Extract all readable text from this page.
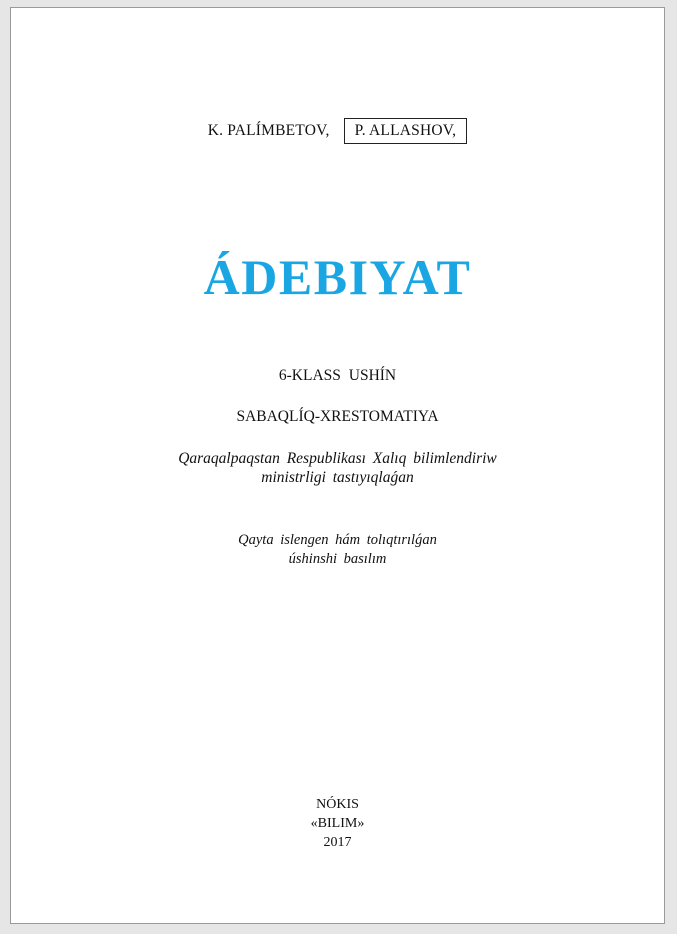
K. PALÍMBETOV, P. ALLASHOV,
ÁDEBIYAT
6-KLASS USHÍN
SABAQLÍQ-XRESTOMATIYA
Qaraqalpaqstan Respublikası Xalıq bilimlendiriw
ministrligi tastıyıqlaǵan
Qayta islengen hám tolıqtırılǵan
úshinshi basılım
NÓKIS
«BILIM»
2017
